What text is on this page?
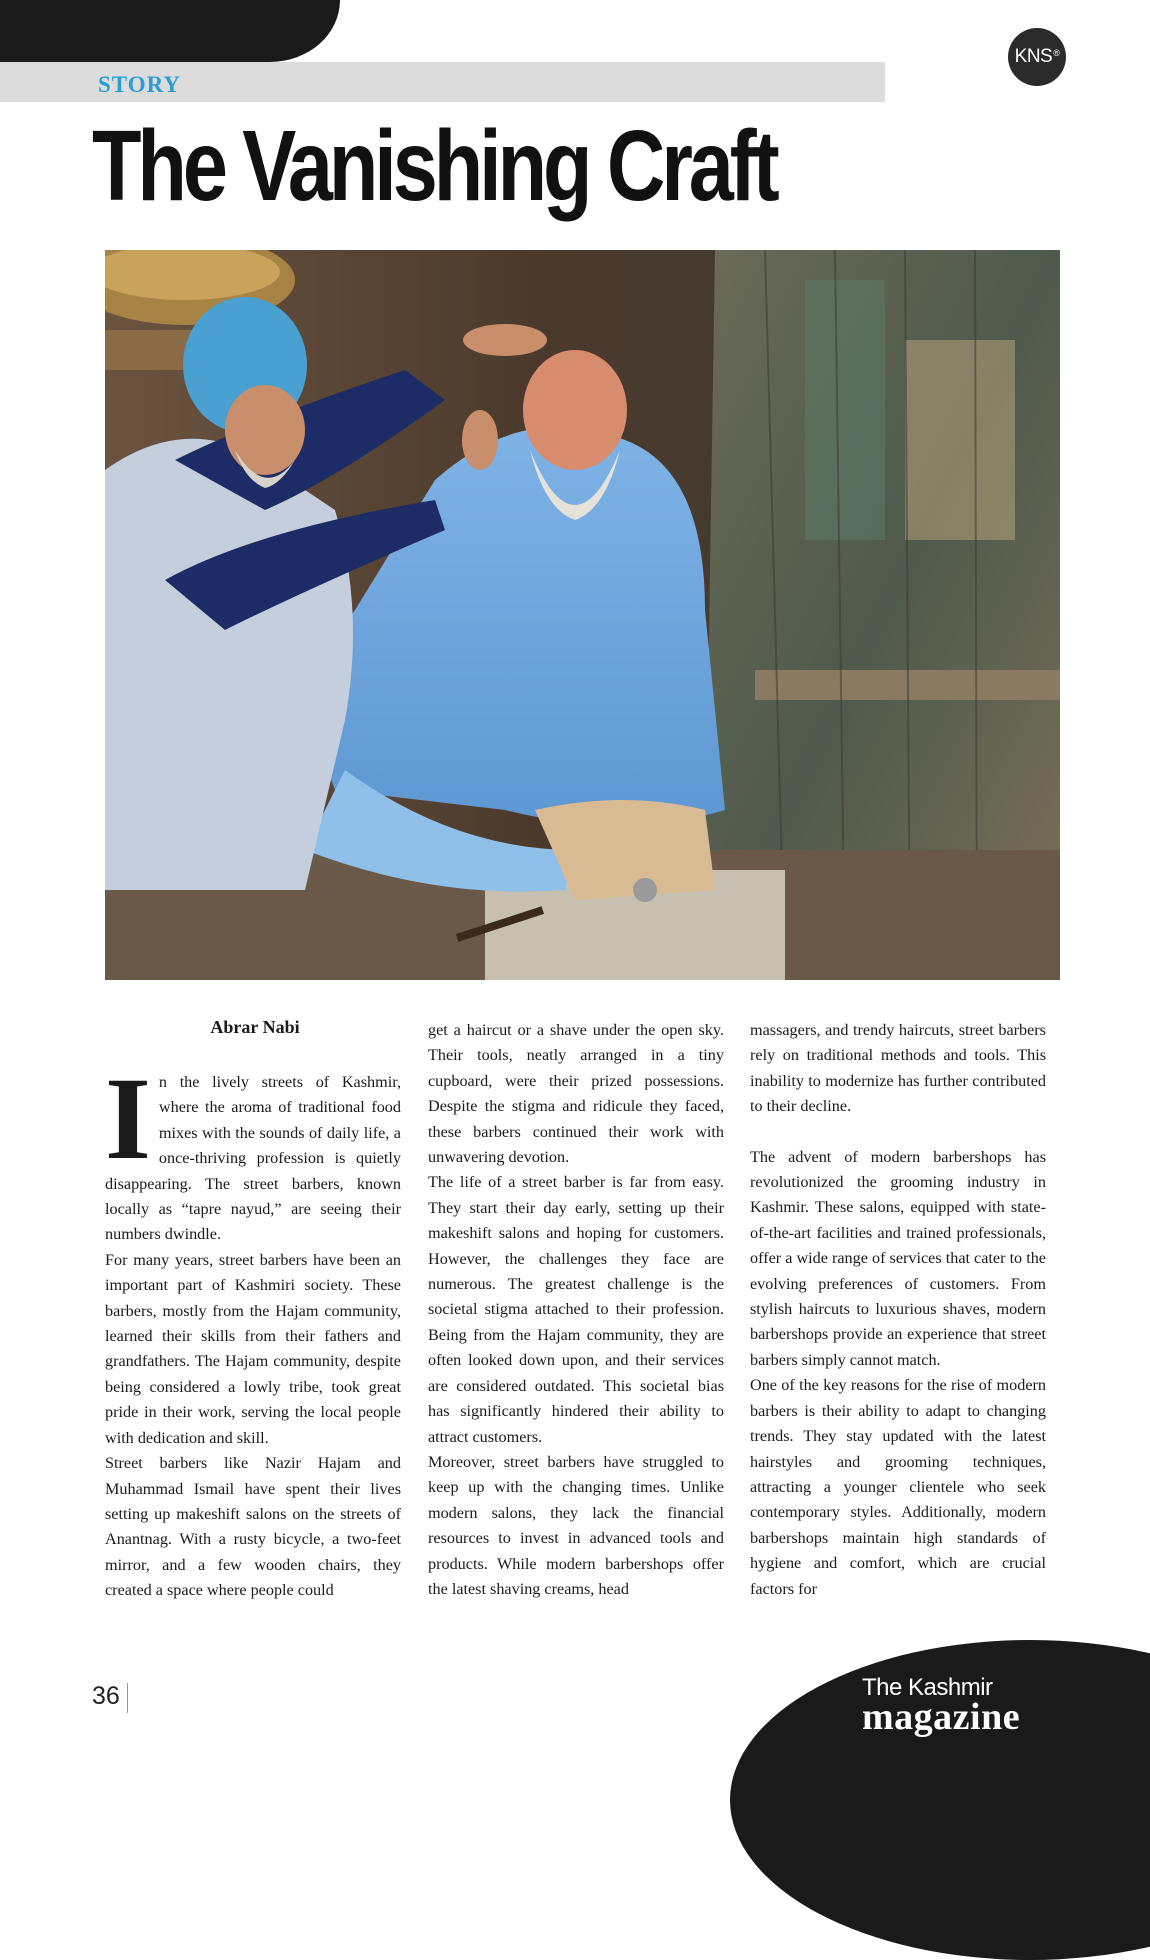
STORY
KNS®
The Vanishing Craft

Abrar Nabi

In the lively streets of Kashmir, where the aroma of traditional food mixes with the sounds of daily life, a once-thriving profession is quietly disappearing. The street barbers, known locally as “tapre nayud,” are seeing their numbers dwindle.

For many years, street barbers have been an important part of Kashmiri society. These barbers, mostly from the Hajam community, learned their skills from their fathers and grandfathers. The Hajam community, despite being considered a lowly tribe, took great pride in their work, serving the local people with dedication and skill.

Street barbers like Nazir Hajam and Muhammad Ismail have spent their lives setting up makeshift salons on the streets of Anantnag. With a rusty bicycle, a two-feet mirror, and a few wooden chairs, they created a space where people could

get a haircut or a shave under the open sky. Their tools, neatly arranged in a tiny cupboard, were their prized possessions. Despite the stigma and ridicule they faced, these barbers continued their work with unwavering devotion.

The life of a street barber is far from easy. They start their day early, setting up their makeshift salons and hoping for customers. However, the challenges they face are numerous. The greatest challenge is the societal stigma attached to their profession. Being from the Hajam community, they are often looked down upon, and their services are considered outdated. This societal bias has significantly hindered their ability to attract customers.

Moreover, street barbers have struggled to keep up with the changing times. Unlike modern salons, they lack the financial resources to invest in advanced tools and products. While modern barbershops offer the latest shaving creams, head

massagers, and trendy haircuts, street barbers rely on traditional methods and tools. This inability to modernize has further contributed to their decline.

The advent of modern barbershops has revolutionized the grooming industry in Kashmir. These salons, equipped with state-of-the-art facilities and trained professionals, offer a wide range of services that cater to the evolving preferences of customers. From stylish haircuts to luxurious shaves, modern barbershops provide an experience that street barbers simply cannot match.

One of the key reasons for the rise of modern barbers is their ability to adapt to changing trends. They stay updated with the latest hairstyles and grooming techniques, attracting a younger clientele who seek contemporary styles. Additionally, modern barbershops maintain high standards of hygiene and comfort, which are crucial factors for

36	The Kashmir
magazine
